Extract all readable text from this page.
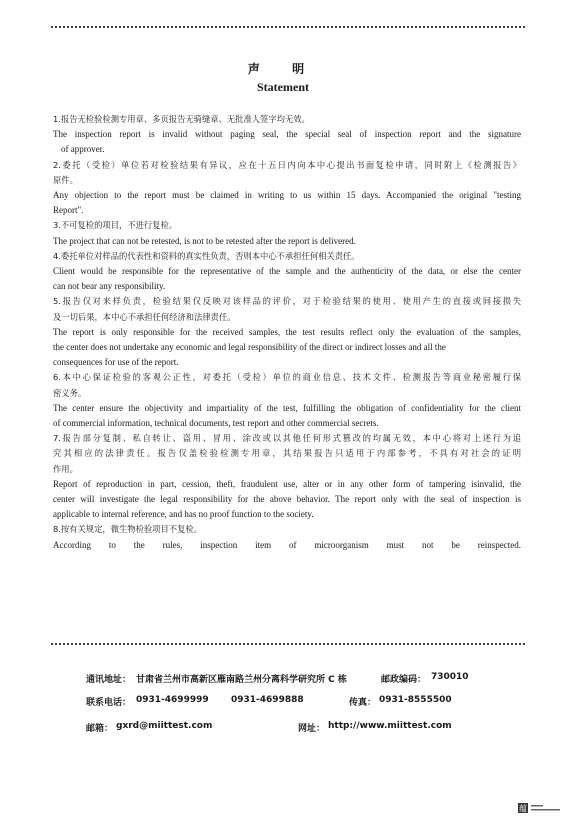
声 明
Statement
1.报告无检验检测专用章、多页报告无骑缝章、无批准人签字均无效。
The inspection report is invalid without paging seal, the special seal of inspection report and the signature
of approver.
2.委托（受检）单位若对检验结果有异议，应在十五日内向本中心提出书面复检申请，同时附上《检测报告》
原件。
Any objection to the report must be claimed in writing to us within 15 days. Accompanied the original "testing
Report".
3.不可复检的项目，不进行复检。
The project that can not be retested, is not to be retested after the report is delivered.
4.委托单位对样品的代表性和资料的真实性负责，否则本中心不承担任何相关责任。
Client would be responsible for the representative of the sample and the authenticity of the data, or else the center
can not bear any responsibility.
5.报告仅对来样负责，检验结果仅反映对该样品的评价，对于检验结果的使用、使用产生的直接或间接损失
及一切后果，本中心不承担任何经济和法律责任。
The report is only responsible for the received samples, the test results reflect only the evaluation of the samples,
the center does not undertake any economic and legal responsibility of the direct or indirect losses and all the
consequences for use of the report.
6.本中心保证检验的客观公正性，对委托（受检）单位的商业信息、技术文件、检测报告等商业秘密履行保
密义务。
The center ensure the objectivity and impartiality of the test, fulfilling the obligation of confidentiality for the client
of commercial information, technical documents, test report and other commercial secrets.
7.报告部分复制、私自转让、盗用、冒用、涂改或以其他任何形式篡改的均属无效，本中心将对上述行为追
究其相应的法律责任。报告仅盖检验检测专用章，其结果报告只适用于内部参考，不具有对社会的证明
作用。
Report of reproduction in part, cession, theft, fraudulent use, alter or in any other form of tampering isinvalid, the
center will investigate the legal responsibility for the above behavior. The report only with the seal of inspection is
applicable to internal reference, and has no proof function to the society.
8.按有关规定，微生物检验项目不复检。
According to the rules, inspection item of microorganism must not be reinspected.
通讯地址： 甘肃省兰州市高新区雁南路兰州分离科学研究所 C 栋	邮政编码： 730010
联系电话： 0931-4699999 0931-4699888	传真： 0931-8555500
邮箱： gxrd@miittest.com	网址： http://www.miittest.com
蕴
